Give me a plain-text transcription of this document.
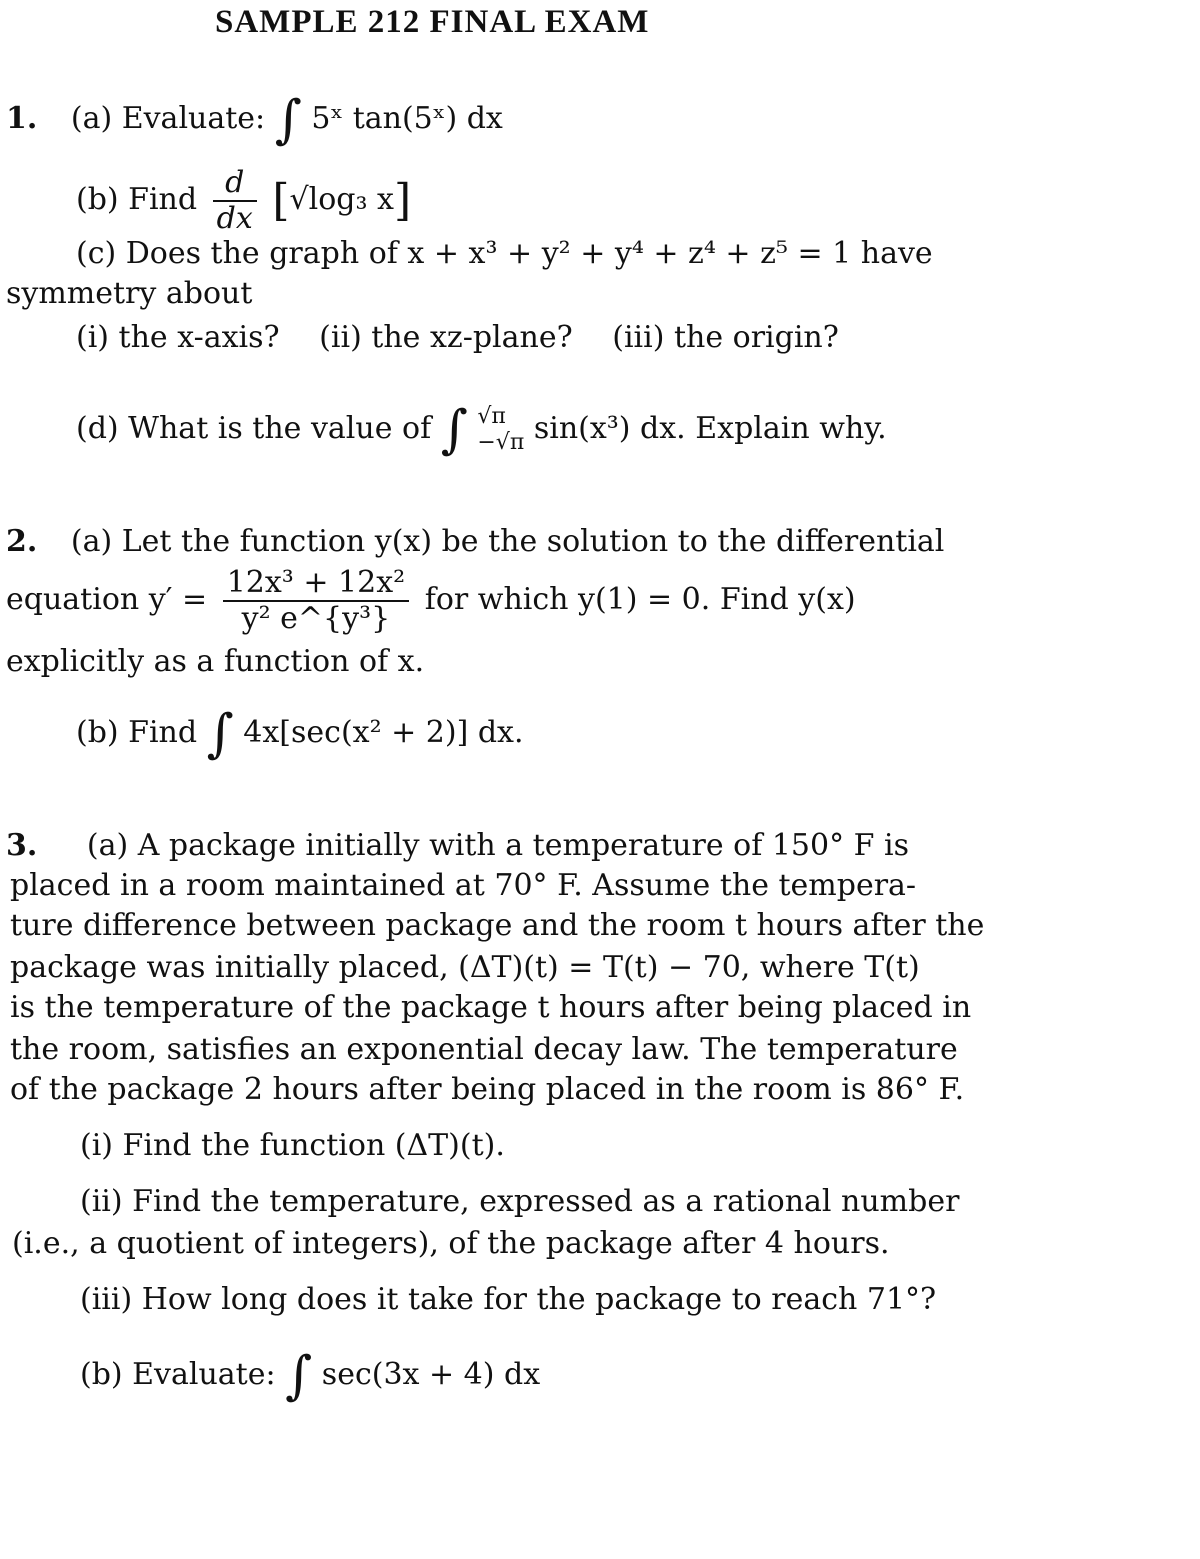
SAMPLE 212 FINAL EXAM
1. (a) Evaluate: ∫ 5ˣ tan(5ˣ) dx
(b) Find $\frac{d}{dx} [√\log_3$ x]
(c) Does the graph of x + x³ + y² + y⁴ + z⁴ + z⁵ = 1 have
symmetry about
(i) the x-axis? (ii) the xz-plane? (iii) the origin?
(d) What is the value of ∫ √π
−√π sin(x³) dx. Explain why.
2. (a) Let the function y(x) be the solution to the differential
equation $y' = \frac{\text{12x³ + 12x²}}{\text{y² e\textasciicircum{}\{y³\}}}$ for which y(1) = 0. Find y(x)
explicitly as a function of x.
(b) Find ∫ 4x[sec(x² + 2)] dx.
3. (a) A package initially with a temperature of 150° F is
placed in a room maintained at 70° F. Assume the tempera-
ture difference between package and the room t hours after the
package was initially placed, (ΔT)(t) = T(t) − 70, where T(t)
is the temperature of the package t hours after being placed in
the room, satisfies an exponential decay law. The temperature
of the package 2 hours after being placed in the room is 86° F.
(i) Find the function (ΔT)(t).
(ii) Find the temperature, expressed as a rational number
(i.e., a quotient of integers), of the package after 4 hours.
(iii) How long does it take for the package to reach 71°?
(b) Evaluate: ∫ sec(3x + 4) dx
